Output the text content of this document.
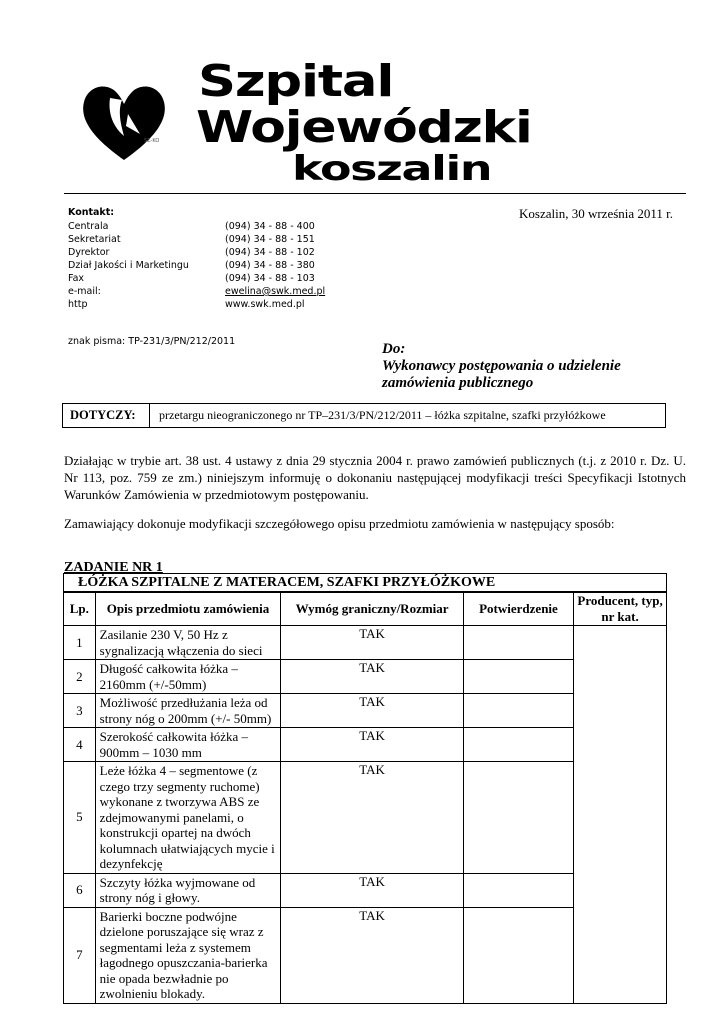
SZ-KO
Szpital
Wojewódzki
koszalin
Kontakt:
Centrala	(094) 34 - 88 - 400
Sekretariat	(094) 34 - 88 - 151
Dyrektor	(094) 34 - 88 - 102
Dział Jakości i Marketingu	(094) 34 - 88 - 380
Fax	(094) 34 - 88 - 103
e-mail:	ewelina@swk.med.pl
http	www.swk.med.pl
znak pisma: TP-231/3/PN/212/2011
Koszalin, 30 września 2011 r.
Do:
Wykonawcy postępowania o udzielenie
zamówienia publicznego
DOTYCZY:	przetargu nieograniczonego nr TP–231/3/PN/212/2011 – łóżka szpitalne, szafki przyłóżkowe
Działając w trybie art. 38 ust. 4 ustawy z dnia 29 stycznia 2004 r. prawo zamówień publicznych (t.j. z 2010 r. Dz. U. Nr 113, poz. 759 ze zm.) niniejszym informuję o dokonaniu następującej modyfikacji treści Specyfikacji Istotnych Warunków Zamówienia w przedmiotowym postępowaniu.
Zamawiający dokonuje modyfikacji szczegółowego opisu przedmiotu zamówienia w następujący sposób:
ZADANIE NR 1
ŁÓŻKA SZPITALNE Z MATERACEM, SZAFKI PRZYŁÓŻKOWE				
Lp.	Opis przedmiotu zamówienia	Wymóg graniczny/Rozmiar	Potwierdzenie	Producent, typ, nr kat.
1	Zasilanie 230 V, 50 Hz z sygnalizacją włączenia do sieci	TAK		
2	Długość całkowita łóżka – 2160mm (+/-50mm)	TAK		
3	Możliwość przedłużania leża od strony nóg o 200mm (+/- 50mm)	TAK		
4	Szerokość całkowita łóżka – 900mm – 1030 mm	TAK		
5	Leże łóżka 4 – segmentowe (z czego trzy segmenty ruchome) wykonane z tworzywa ABS ze zdejmowanymi panelami, o konstrukcji opartej na dwóch kolumnach ułatwiających mycie i dezynfekcję	TAK		
6	Szczyty łóżka wyjmowane od strony nóg i głowy.	TAK		
7	Barierki boczne podwójne dzielone poruszające się wraz z segmentami leża z systemem łagodnego opuszczania-barierka nie opada bezwładnie po zwolnieniu blokady.	TAK		
